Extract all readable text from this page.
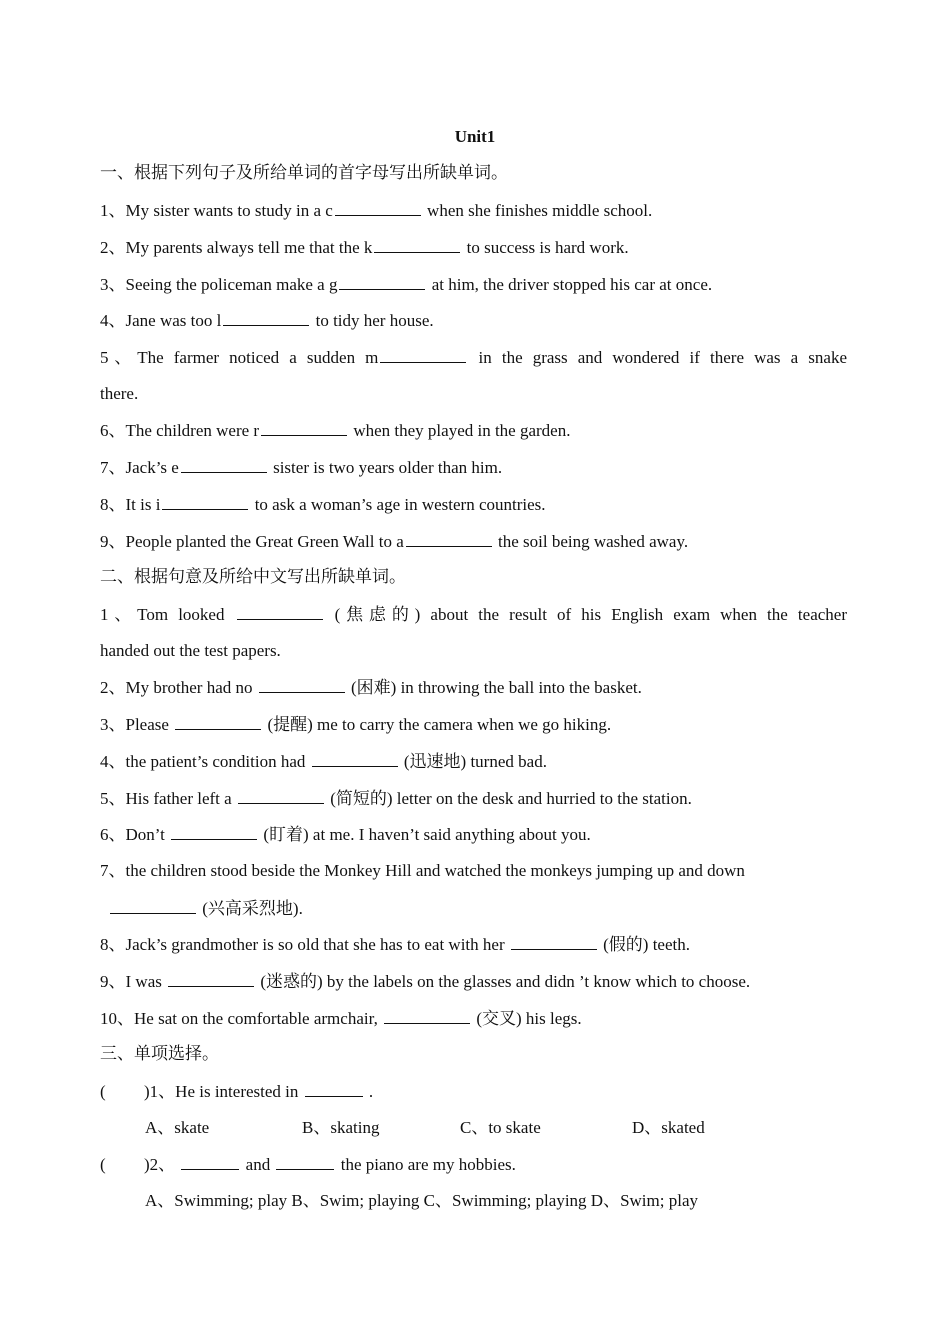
Unit1
一、根据下列句子及所给单词的首字母写出所缺单词。
1、My sister wants to study in a c	when she finishes middle school.
2、My parents always tell me that the k	to success is hard work.
3、Seeing the policeman make a g	at him, the driver stopped his car at once.
4、Jane was too l	to tidy her house.
5、The farmer noticed a sudden m	in the grass and wondered if there was a snake
there.
6、The children were r	when they played in the garden.
7、Jack’s e	sister is two years older than him.
8、It is i	to ask a woman’s age in western countries.
9、People planted the Great Green Wall to a	the soil being washed away.
二、根据句意及所给中文写出所缺单词。
1、Tom looked	(焦虑的) about the result of his English exam when the teacher
handed out the test papers.
2、My brother had no	(困难) in throwing the ball into the basket.
3、Please	(提醒) me to carry the camera when we go hiking.
4、the patient’s condition had	(迅速地) turned bad.
5、His father left a	(简短的) letter on the desk and hurried to the station.
6、Don’t	(盯着) at me. I haven’t said anything about you.
7、the children stood beside the Monkey Hill and watched the monkeys jumping up and down
(兴高采烈地).
8、Jack’s grandmother is so old that she has to eat with her	(假的) teeth.
9、I was	(迷惑的) by the labels on the glasses and didn ’t know which to choose.
10、He sat on the comfortable armchair,	(交叉) his legs.
三、单项选择。
( )1、He is interested in	.
A、skate	B、skating	C、to skate	D、skated
( )2、	and	the piano are my hobbies.
A、Swimming; play B、Swim; playing C、Swimming; playing D、Swim; play
